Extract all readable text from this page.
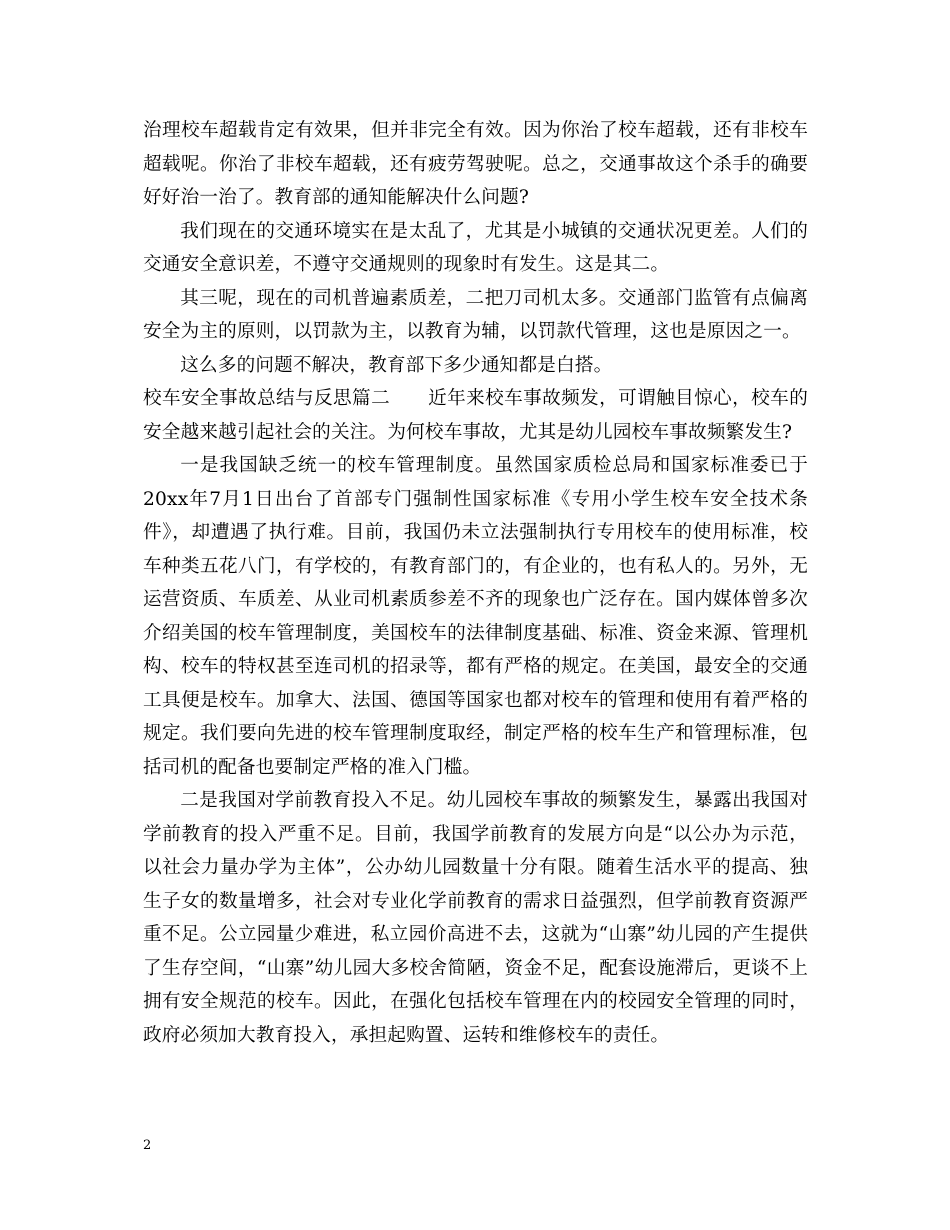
治理校车超载肯定有效果，但并非完全有效。因为你治了校车超载，还有非校车超载呢。你治了非校车超载，还有疲劳驾驶呢。总之，交通事故这个杀手的确要好好治一治了。教育部的通知能解决什么问题?

我们现在的交通环境实在是太乱了，尤其是小城镇的交通状况更差。人们的交通安全意识差，不遵守交通规则的现象时有发生。这是其二。

其三呢，现在的司机普遍素质差，二把刀司机太多。交通部门监管有点偏离安全为主的原则，以罚款为主，以教育为辅，以罚款代管理，这也是原因之一。

这么多的问题不解决，教育部下多少通知都是白搭。

校车安全事故总结与反思篇二　　近年来校车事故频发，可谓触目惊心，校车的安全越来越引起社会的关注。为何校车事故，尤其是幼儿园校车事故频繁发生?

一是我国缺乏统一的校车管理制度。虽然国家质检总局和国家标准委已于20xx年7月1日出台了首部专门强制性国家标准《专用小学生校车安全技术条件》，却遭遇了执行难。目前，我国仍未立法强制执行专用校车的使用标准，校车种类五花八门，有学校的，有教育部门的，有企业的，也有私人的。另外，无运营资质、车质差、从业司机素质参差不齐的现象也广泛存在。国内媒体曾多次介绍美国的校车管理制度，美国校车的法律制度基础、标准、资金来源、管理机构、校车的特权甚至连司机的招录等，都有严格的规定。在美国，最安全的交通工具便是校车。加拿大、法国、德国等国家也都对校车的管理和使用有着严格的规定。我们要向先进的校车管理制度取经，制定严格的校车生产和管理标准，包括司机的配备也要制定严格的准入门槛。

二是我国对学前教育投入不足。幼儿园校车事故的频繁发生，暴露出我国对学前教育的投入严重不足。目前，我国学前教育的发展方向是“以公办为示范，以社会力量办学为主体”，公办幼儿园数量十分有限。随着生活水平的提高、独生子女的数量增多，社会对专业化学前教育的需求日益强烈，但学前教育资源严重不足。公立园量少难进，私立园价高进不去，这就为“山寨”幼儿园的产生提供了生存空间，“山寨”幼儿园大多校舍简陋，资金不足，配套设施滞后，更谈不上拥有安全规范的校车。因此，在强化包括校车管理在内的校园安全管理的同时，政府必须加大教育投入，承担起购置、运转和维修校车的责任。

2
